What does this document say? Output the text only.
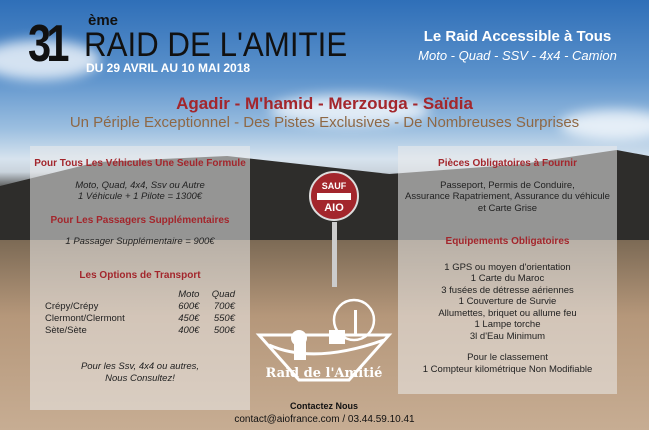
31 ème
RAID DE L'AMITIE
DU 29 AVRIL AU 10 MAI 2018
Le Raid Accessible à Tous
Moto - Quad - SSV - 4x4 - Camion
Agadir - M'hamid - Merzouga - Saïdia
Un Périple Exceptionnel - Des Pistes Exclusives - De Nombreuses Surprises
Pour Tous Les Véhicules Une Seule Formule
Moto, Quad, 4x4, Ssv ou Autre
1 Véhicule + 1 Pilote = 1300€
Pour Les Passagers Supplémentaires
1 Passager Supplémentaire = 900€
Les Options de Transport
	Moto	Quad
Crépy/Crépy	600€	700€
Clermont/Clermont	450€	550€
Sète/Sète	400€	500€
Pour les Ssv, 4x4 ou autres,
Nous Consultez!
Pièces Obligatoires à Fournir
Passeport, Permis de Conduire,
Assurance Rapatriement, Assurance du véhicule
et Carte Grise
Equipements Obligatoires
1 GPS ou moyen d'orientation
1 Carte du Maroc
3 fusées de détresse aériennes
1 Couverture de Survie
Allumettes, briquet ou allume feu
1 Lampe torche
3l d'Eau Minimum
Pour le classement
1 Compteur kilométrique Non Modifiable
SAUF
AIO
Raid de l'Amitié
Contactez Nous
contact@aiofrance.com / 03.44.59.10.41
